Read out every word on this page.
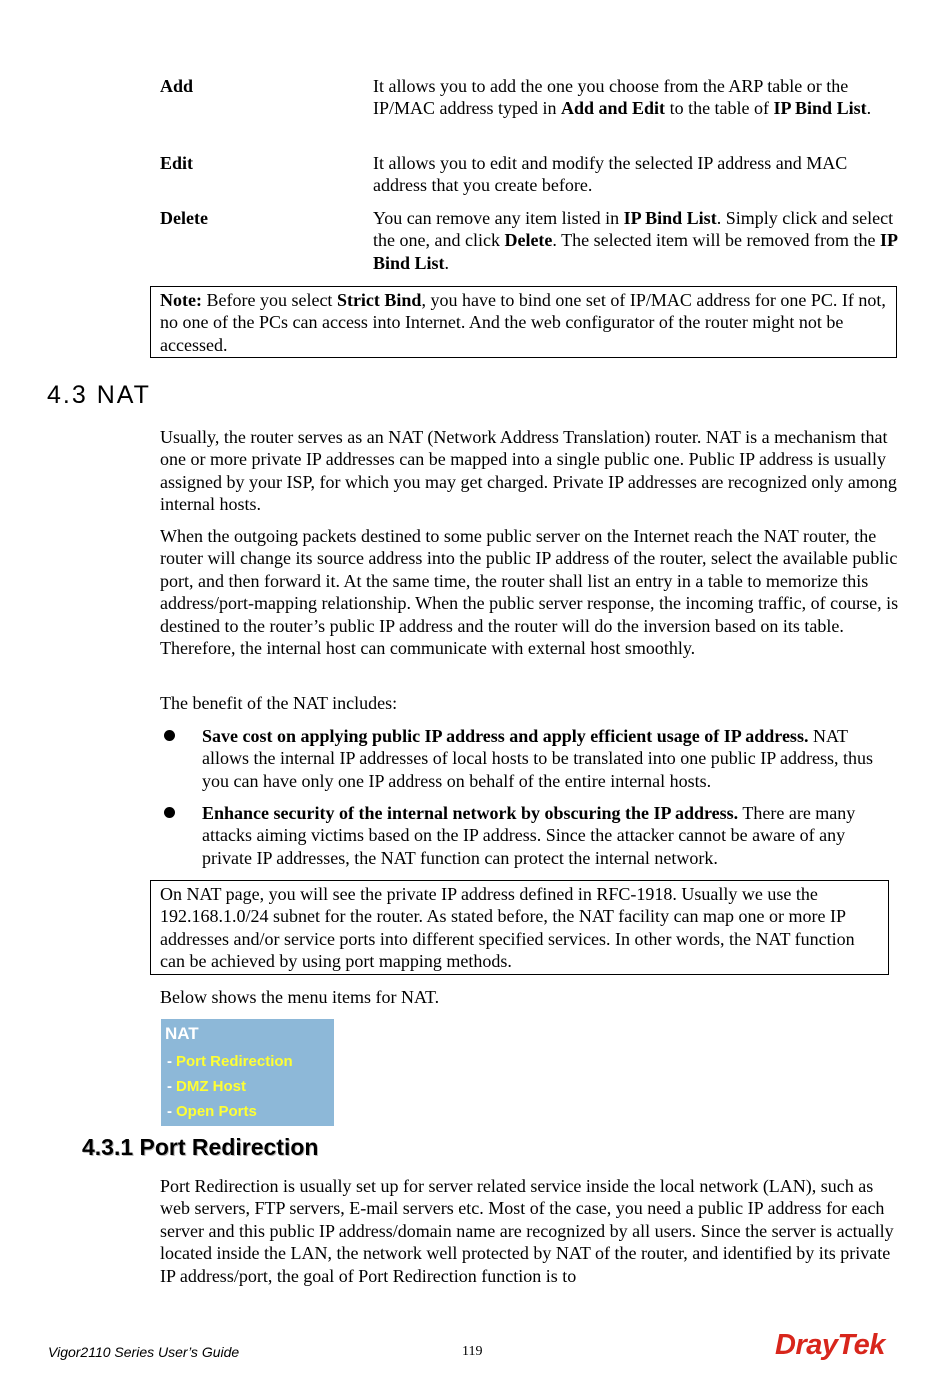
Add	It allows you to add the one you choose from the ARP table or the IP/MAC address typed in Add and Edit to the table of IP Bind List.
Edit	It allows you to edit and modify the selected IP address and MAC address that you create before.
Delete	You can remove any item listed in IP Bind List. Simply click and select the one, and click Delete. The selected item will be removed from the IP Bind List.
Note: Before you select Strict Bind, you have to bind one set of IP/MAC address for one PC. If not, no one of the PCs can access into Internet. And the web configurator of the router might not be accessed.
4.3 NAT

Usually, the router serves as an NAT (Network Address Translation) router. NAT is a mechanism that one or more private IP addresses can be mapped into a single public one. Public IP address is usually assigned by your ISP, for which you may get charged. Private IP addresses are recognized only among internal hosts.

When the outgoing packets destined to some public server on the Internet reach the NAT router, the router will change its source address into the public IP address of the router, select the available public port, and then forward it. At the same time, the router shall list an entry in a table to memorize this address/port-mapping relationship. When the public server response, the incoming traffic, of course, is destined to the router’s public IP address and the router will do the inversion based on its table. Therefore, the internal host can communicate with external host smoothly.

The benefit of the NAT includes:

Save cost on applying public IP address and apply efficient usage of IP address. NAT allows the internal IP addresses of local hosts to be translated into one public IP address, thus you can have only one IP address on behalf of the entire internal hosts.
Enhance security of the internal network by obscuring the IP address. There are many attacks aiming victims based on the IP address. Since the attacker cannot be aware of any private IP addresses, the NAT function can protect the internal network.
On NAT page, you will see the private IP address defined in RFC-1918. Usually we use the 192.168.1.0/24 subnet for the router. As stated before, the NAT facility can map one or more IP addresses and/or service ports into different specified services. In other words, the NAT function can be achieved by using port mapping methods.

Below shows the menu items for NAT.

NAT
- Port Redirection
- DMZ Host
- Open Ports
4.3.1 Port Redirection

Port Redirection is usually set up for server related service inside the local network (LAN), such as web servers, FTP servers, E-mail servers etc. Most of the case, you need a public IP address for each server and this public IP address/domain name are recognized by all users. Since the server is actually located inside the LAN, the network well protected by NAT of the router, and identified by its private IP address/port, the goal of Port Redirection function is to

Vigor2110 Series User’s Guide	119	DrayTek
